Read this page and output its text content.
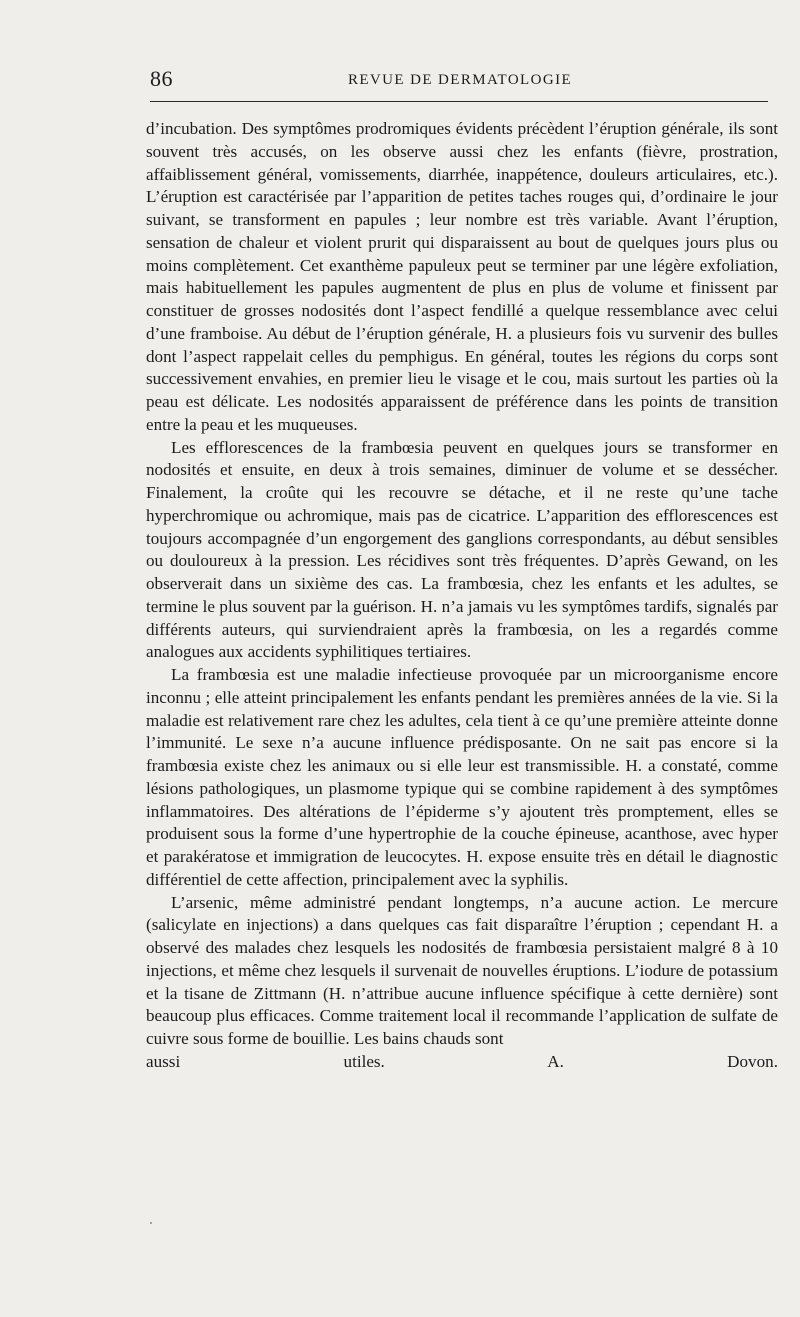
86	REVUE DE DERMATOLOGIE

d’incubation. Des symptômes prodromiques évidents précèdent l’éruption générale, ils sont souvent très accusés, on les observe aussi chez les enfants (fièvre, prostration, affaiblissement général, vomissements, diarrhée, inappétence, douleurs articulaires, etc.). L’éruption est caractérisée par l’apparition de petites taches rouges qui, d’ordinaire le jour suivant, se transforment en papules ; leur nombre est très variable. Avant l’éruption, sensation de chaleur et violent prurit qui disparaissent au bout de quelques jours plus ou moins complètement. Cet exanthème papuleux peut se terminer par une légère exfoliation, mais habituellement les papules augmentent de plus en plus de volume et finissent par constituer de grosses nodosités dont l’aspect fendillé a quelque ressemblance avec celui d’une framboise. Au début de l’éruption générale, H. a plusieurs fois vu survenir des bulles dont l’aspect rappelait celles du pemphigus. En général, toutes les régions du corps sont successivement envahies, en premier lieu le visage et le cou, mais surtout les parties où la peau est délicate. Les nodosités apparaissent de préférence dans les points de transition entre la peau et les muqueuses.

Les efflorescences de la frambœsia peuvent en quelques jours se transformer en nodosités et ensuite, en deux à trois semaines, diminuer de volume et se dessécher. Finalement, la croûte qui les recouvre se détache, et il ne reste qu’une tache hyperchromique ou achromique, mais pas de cicatrice. L’apparition des efflorescences est toujours accompagnée d’un engorgement des ganglions correspondants, au début sensibles ou douloureux à la pression. Les récidives sont très fréquentes. D’après Gewand, on les observerait dans un sixième des cas. La frambœsia, chez les enfants et les adultes, se termine le plus souvent par la guérison. H. n’a jamais vu les symptômes tardifs, signalés par différents auteurs, qui surviendraient après la frambœsia, on les a regardés comme analogues aux accidents syphilitiques tertiaires.

La frambœsia est une maladie infectieuse provoquée par un microorganisme encore inconnu ; elle atteint principalement les enfants pendant les premières années de la vie. Si la maladie est relativement rare chez les adultes, cela tient à ce qu’une première atteinte donne l’immunité. Le sexe n’a aucune influence prédisposante. On ne sait pas encore si la frambœsia existe chez les animaux ou si elle leur est transmissible. H. a constaté, comme lésions pathologiques, un plasmome typique qui se combine rapidement à des symptômes inflammatoires. Des altérations de l’épiderme s’y ajoutent très promptement, elles se produisent sous la forme d’une hypertrophie de la couche épineuse, acanthose, avec hyper et parakératose et immigration de leucocytes. H. expose ensuite très en détail le diagnostic différentiel de cette affection, principalement avec la syphilis.

L’arsenic, même administré pendant longtemps, n’a aucune action. Le mercure (salicylate en injections) a dans quelques cas fait disparaître l’éruption ; cependant H. a observé des malades chez lesquels les nodosités de frambœsia persistaient malgré 8 à 10 injections, et même chez lesquels il survenait de nouvelles éruptions. L’iodure de potassium et la tisane de Zittmann (H. n’attribue aucune influence spécifique à cette dernière) sont beaucoup plus efficaces. Comme traitement local il recommande l’application de sulfate de cuivre sous forme de bouillie. Les bains chauds sont

aussi utiles.	A. Dovon.
